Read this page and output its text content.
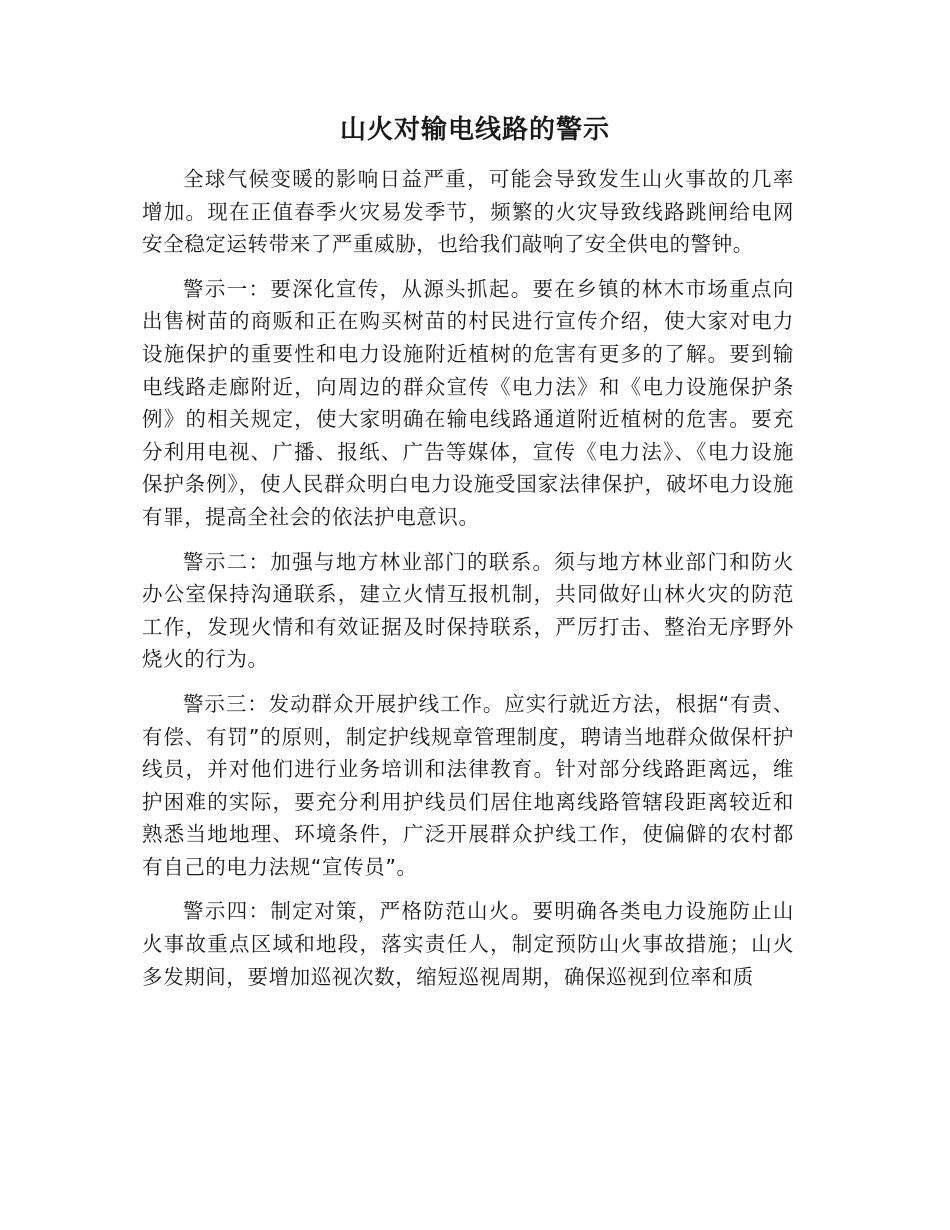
山火对输电线路的警示

全球气候变暖的影响日益严重，可能会导致发生山火事故的几率增加。现在正值春季火灾易发季节，频繁的火灾导致线路跳闸给电网安全稳定运转带来了严重威胁，也给我们敲响了安全供电的警钟。

警示一：要深化宣传，从源头抓起。要在乡镇的林木市场重点向出售树苗的商贩和正在购买树苗的村民进行宣传介绍，使大家对电力设施保护的重要性和电力设施附近植树的危害有更多的了解。要到输电线路走廊附近，向周边的群众宣传《电力法》和《电力设施保护条例》的相关规定，使大家明确在输电线路通道附近植树的危害。要充分利用电视、广播、报纸、广告等媒体，宣传《电力法》、《电力设施保护条例》，使人民群众明白电力设施受国家法律保护，破坏电力设施有罪，提高全社会的依法护电意识。

警示二：加强与地方林业部门的联系。须与地方林业部门和防火办公室保持沟通联系，建立火情互报机制，共同做好山林火灾的防范工作，发现火情和有效证据及时保持联系，严厉打击、整治无序野外烧火的行为。

警示三：发动群众开展护线工作。应实行就近方法，根据“有责、有偿、有罚”的原则，制定护线规章管理制度，聘请当地群众做保杆护线员，并对他们进行业务培训和法律教育。针对部分线路距离远，维护困难的实际，要充分利用护线员们居住地离线路管辖段距离较近和熟悉当地地理、环境条件，广泛开展群众护线工作，使偏僻的农村都有自己的电力法规“宣传员”。

警示四：制定对策，严格防范山火。要明确各类电力设施防止山火事故重点区域和地段，落实责任人，制定预防山火事故措施；山火多发期间，要增加巡视次数，缩短巡视周期，确保巡视到位率和质
